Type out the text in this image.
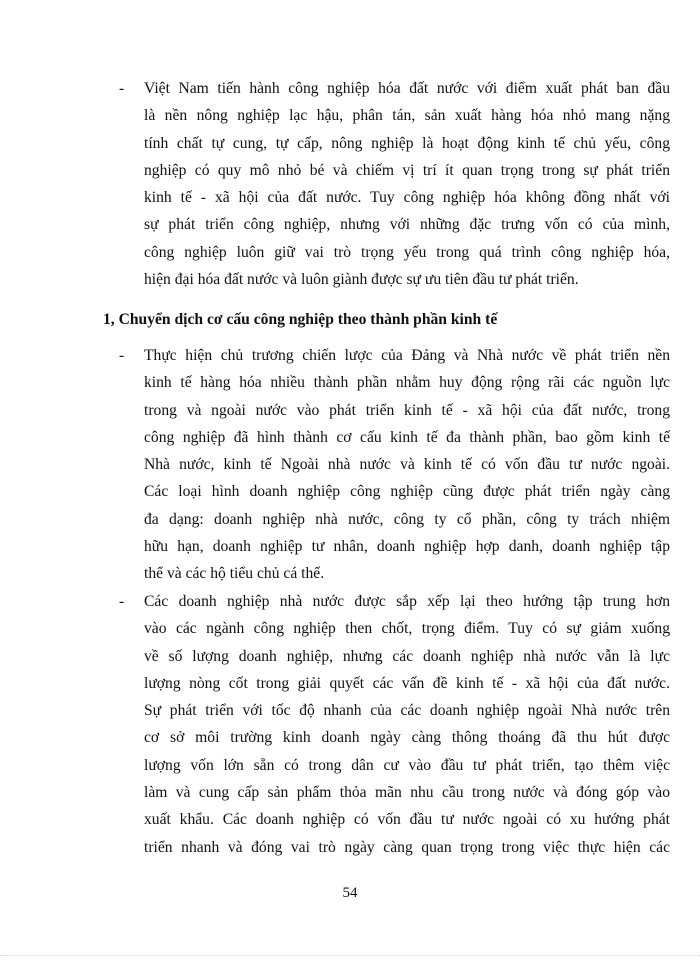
- Việt Nam tiến hành công nghiệp hóa đất nước với điểm xuất phát ban đầu
là nền nông nghiệp lạc hậu, phân tán, sản xuất hàng hóa nhỏ mang nặng
tính chất tự cung, tự cấp, nông nghiệp là hoạt động kinh tế chủ yếu, công
nghiệp có quy mô nhỏ bé và chiếm vị trí ít quan trọng trong sự phát triển
kinh tế - xã hội của đất nước. Tuy công nghiệp hóa không đồng nhất với
sự phát triển công nghiệp, nhưng với những đặc trưng vốn có của mình,
công nghiệp luôn giữ vai trò trọng yếu trong quá trình công nghiệp hóa,
hiện đại hóa đất nước và luôn giành được sự ưu tiên đầu tư phát triển.
1, Chuyển dịch cơ cấu công nghiệp theo thành phần kinh tế
- Thực hiện chủ trương chiến lược của Đảng và Nhà nước về phát triển nền
kinh tế hàng hóa nhiều thành phần nhằm huy động rộng rãi các nguồn lực
trong và ngoài nước vào phát triển kinh tế - xã hội của đất nước, trong
công nghiệp đã hình thành cơ cấu kinh tế đa thành phần, bao gồm kinh tế
Nhà nước, kinh tế Ngoài nhà nước và kinh tế có vốn đầu tư nước ngoài.
Các loại hình doanh nghiệp công nghiệp cũng được phát triển ngày càng
đa dạng: doanh nghiệp nhà nước, công ty cổ phần, công ty trách nhiệm
hữu hạn, doanh nghiệp tư nhân, doanh nghiệp hợp danh, doanh nghiệp tập
thể và các hộ tiểu chủ cá thể.
- Các doanh nghiệp nhà nước được sắp xếp lại theo hướng tập trung hơn
vào các ngành công nghiệp then chốt, trọng điểm. Tuy có sự giảm xuống
về số lượng doanh nghiệp, nhưng các doanh nghiệp nhà nước vẫn là lực
lượng nòng cốt trong giải quyết các vấn đề kinh tế - xã hội của đất nước.
Sự phát triển với tốc độ nhanh của các doanh nghiệp ngoài Nhà nước trên
cơ sở môi trường kinh doanh ngày càng thông thoáng đã thu hút được
lượng vốn lớn sẵn có trong dân cư vào đầu tư phát triển, tạo thêm việc
làm và cung cấp sản phẩm thỏa mãn nhu cầu trong nước và đóng góp vào
xuất khẩu. Các doanh nghiệp có vốn đầu tư nước ngoài có xu hướng phát
triển nhanh và đóng vai trò ngày càng quan trọng trong việc thực hiện các
54
